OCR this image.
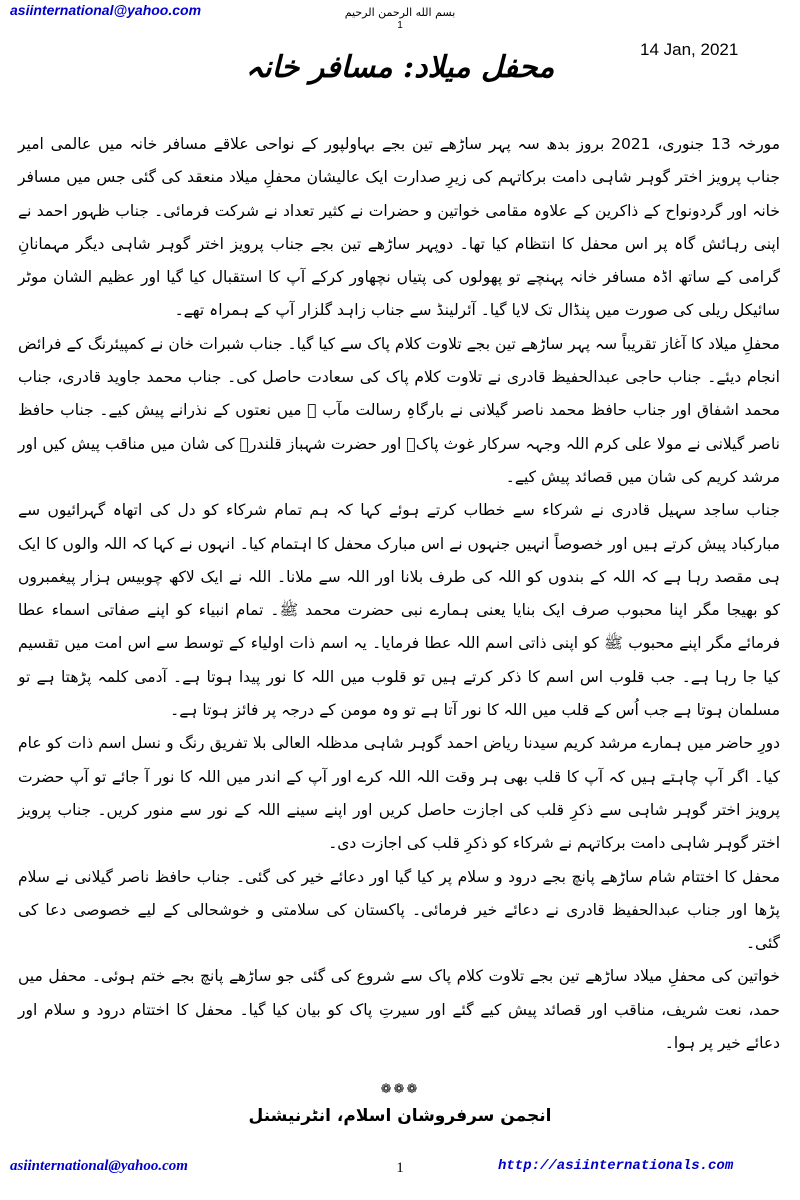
asiinternational@yahoo.com	بسم الله الرحمن الرحیم
1
14 Jan, 2021
محفل میلاد: مسافر خانہ

مورخہ 13 جنوری، 2021 بروز بدھ سہ پہر ساڑھے تین بجے بہاولپور کے نواحی علاقے مسافر خانہ میں عالمی امیر جناب پرویز اختر گوہر شاہی دامت برکاتہم کی زیرِ صدارت ایک عالیشان محفلِ میلاد منعقد کی گئی جس میں مسافر خانہ اور گردونواح کے ذاکرین کے علاوہ مقامی خواتین و حضرات نے کثیر تعداد نے شرکت فرمائی۔ جناب ظہور احمد نے اپنی رہائش گاہ پر اس محفل کا انتظام کیا تھا۔ دوپہر ساڑھے تین بجے جناب پرویز اختر گوہر شاہی دیگر مہمانانِ گرامی کے ساتھ اڈہ مسافر خانہ پہنچے تو پھولوں کی پتیاں نچھاور کرکے آپ کا استقبال کیا گیا اور عظیم الشان موٹر سائیکل ریلی کی صورت میں پنڈال تک لایا گیا۔ آئرلینڈ سے جناب زاہد گلزار آپ کے ہمراہ تھے۔

محفلِ میلاد کا آغاز تقریباً سہ پہر ساڑھے تین بجے تلاوت کلام پاک سے کیا گیا۔ جناب شبرات خان نے کمپیئرنگ کے فرائض انجام دیئے۔ جناب حاجی عبدالحفیظ قادری نے تلاوت کلام پاک کی سعادت حاصل کی۔ جناب محمد جاوید قادری، جناب محمد اشفاق اور جناب حافظ محمد ناصر گیلانی نے بارگاہِ رسالت مآب ﷺ میں نعتوں کے نذرانے پیش کیے۔ جناب حافظ ناصر گیلانی نے مولا علی کرم اللہ وجہہ سرکار غوث پاکؒ اور حضرت شہباز قلندرؒ کی شان میں مناقب پیش کیں اور مرشد کریم کی شان میں قصائد پیش کیے۔

جناب ساجد سہیل قادری نے شرکاء سے خطاب کرتے ہوئے کہا کہ ہم تمام شرکاء کو دل کی اتھاہ گہرائیوں سے مبارکباد پیش کرتے ہیں اور خصوصاً انہیں جنہوں نے اس مبارک محفل کا اہتمام کیا۔ انہوں نے کہا کہ اللہ والوں کا ایک ہی مقصد رہا ہے کہ اللہ کے بندوں کو اللہ کی طرف بلانا اور اللہ سے ملانا۔ اللہ نے ایک لاکھ چوبیس ہزار پیغمبروں کو بھیجا مگر اپنا محبوب صرف ایک بنایا یعنی ہمارے نبی حضرت محمد ﷺ۔ تمام انبیاء کو اپنے صفاتی اسماء عطا فرمائے مگر اپنے محبوب ﷺ کو اپنی ذاتی اسم اللہ عطا فرمایا۔ یہ اسم ذات اولیاء کے توسط سے اس امت میں تقسیم کیا جا رہا ہے۔ جب قلوب اس اسم کا ذکر کرتے ہیں تو قلوب میں اللہ کا نور پیدا ہوتا ہے۔ آدمی کلمہ پڑھتا ہے تو مسلمان ہوتا ہے جب اُس کے قلب میں اللہ کا نور آتا ہے تو وہ مومن کے درجہ پر فائز ہوتا ہے۔

دورِ حاضر میں ہمارے مرشد کریم سیدنا ریاض احمد گوہر شاہی مدظلہ العالی بلا تفریق رنگ و نسل اسم ذات کو عام کیا۔ اگر آپ چاہتے ہیں کہ آپ کا قلب بھی ہر وقت اللہ اللہ کرے اور آپ کے اندر میں اللہ کا نور آ جائے تو آپ حضرت پرویز اختر گوہر شاہی سے ذکرِ قلب کی اجازت حاصل کریں اور اپنے سینے اللہ کے نور سے منور کریں۔ جناب پرویز اختر گوہر شاہی دامت برکاتہم نے شرکاء کو ذکرِ قلب کی اجازت دی۔

محفل کا اختتام شام ساڑھے پانچ بجے درود و سلام پر کیا گیا اور دعائے خیر کی گئی۔ جناب حافظ ناصر گیلانی نے سلام پڑھا اور جناب عبدالحفیظ قادری نے دعائے خیر فرمائی۔ پاکستان کی سلامتی و خوشحالی کے لیے خصوصی دعا کی گئی۔

خواتین کی محفلِ میلاد ساڑھے تین بجے تلاوت کلام پاک سے شروع کی گئی جو ساڑھے پانچ بجے ختم ہوئی۔ محفل میں حمد، نعت شریف، مناقب اور قصائد پیش کیے گئے اور سیرتِ پاک کو بیان کیا گیا۔ محفل کا اختتام درود و سلام اور دعائے خیر پر ہوا۔

❁❁❁
انجمن سرفروشان اسلام، انٹرنیشنل
asiinternational@yahoo.com	1	http://asiinternationals.com
